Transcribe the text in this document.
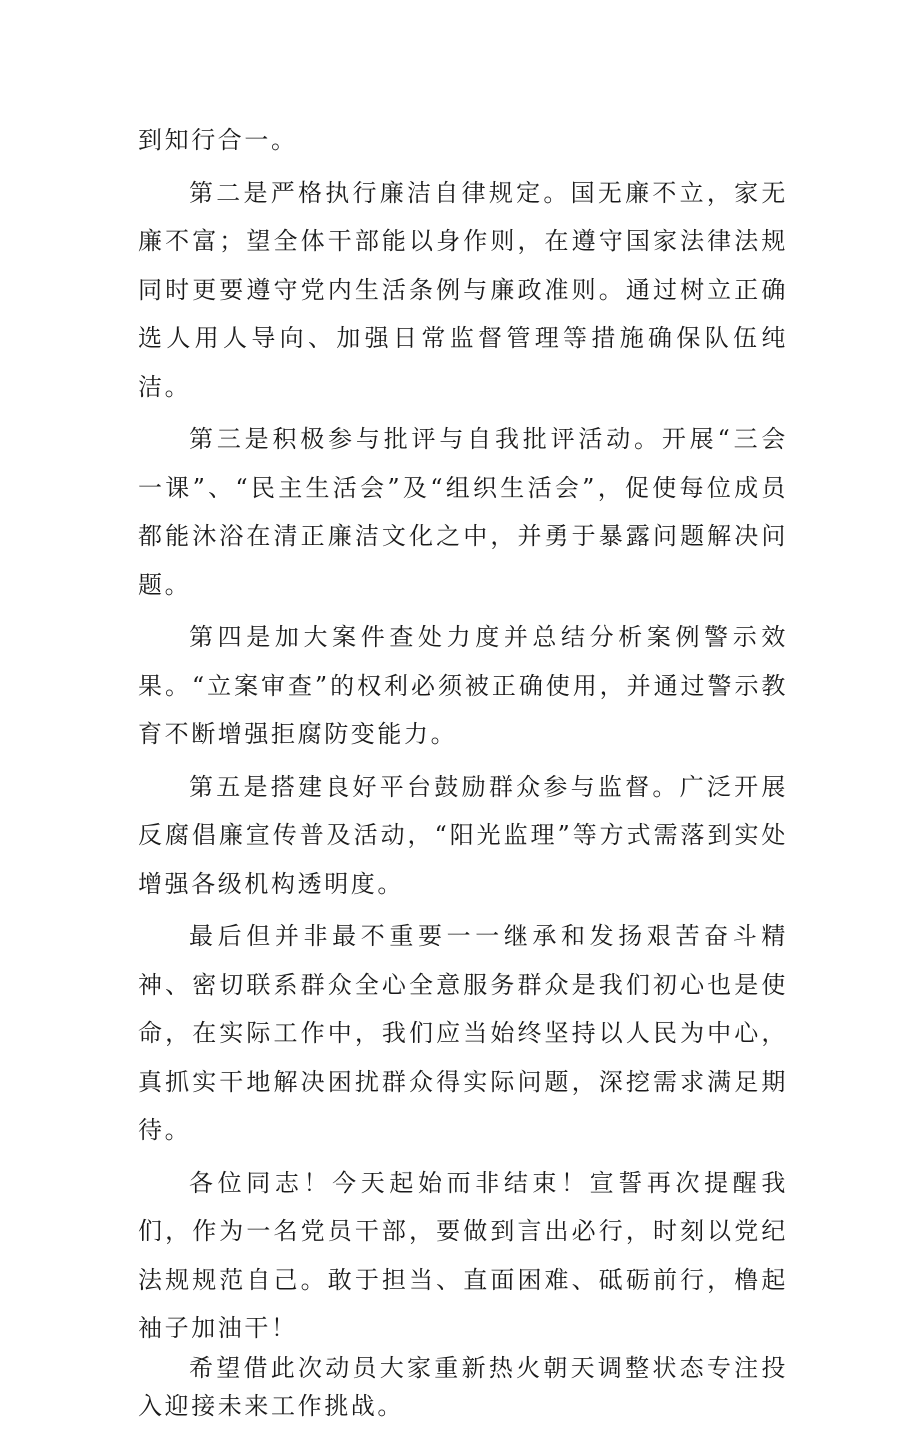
到知行合一。

第二是严格执行廉洁自律规定。国无廉不立，家无廉不富；望全体干部能以身作则，在遵守国家法律法规同时更要遵守党内生活条例与廉政准则。通过树立正确选人用人导向、加强日常监督管理等措施确保队伍纯洁。

第三是积极参与批评与自我批评活动。开展“三会一课”、“民主生活会”及“组织生活会”，促使每位成员都能沐浴在清正廉洁文化之中，并勇于暴露问题解决问题。

第四是加大案件查处力度并总结分析案例警示效果。“立案审查”的权利必须被正确使用，并通过警示教育不断增强拒腐防变能力。

第五是搭建良好平台鼓励群众参与监督。广泛开展反腐倡廉宣传普及活动，“阳光监理”等方式需落到实处增强各级机构透明度。

最后但并非最不重要一一继承和发扬艰苦奋斗精神、密切联系群众全心全意服务群众是我们初心也是使命，在实际工作中，我们应当始终坚持以人民为中心，真抓实干地解决困扰群众得实际问题，深挖需求满足期待。

各位同志！今天起始而非结束！宣誓再次提醒我们，作为一名党员干部，要做到言出必行，时刻以党纪法规规范自己。敢于担当、直面困难、砥砺前行，橹起袖子加油干！

希望借此次动员大家重新热火朝天调整状态专注投入迎接未来工作挑战。
